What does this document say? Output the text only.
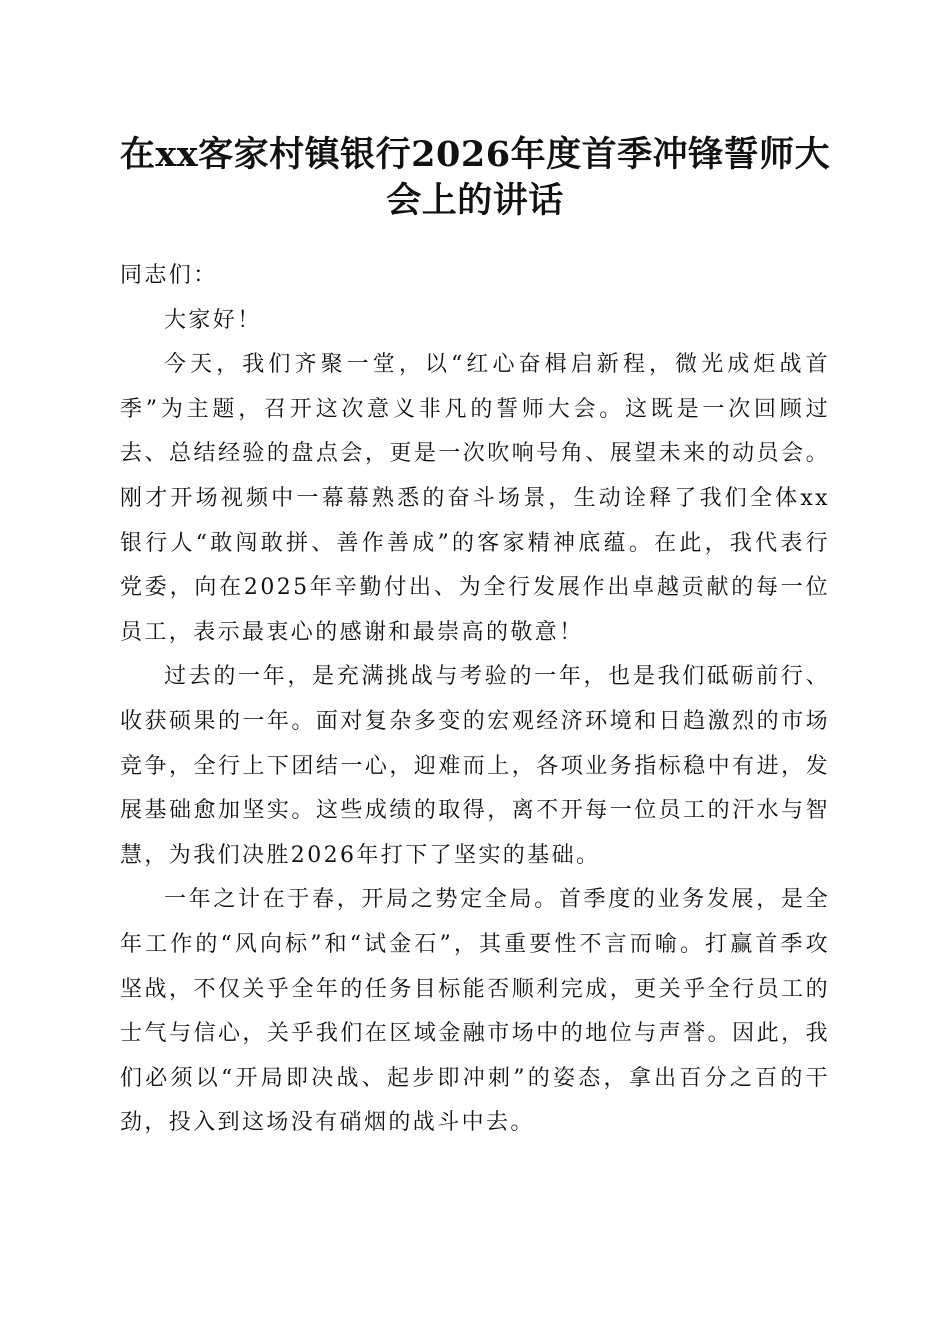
在xx客家村镇银行2026年度首季冲锋誓师大
会上的讲话

同志们：

大家好！

今天，我们齐聚一堂，以“红心奋楫启新程，微光成炬战首季”为主题，召开这次意义非凡的誓师大会。这既是一次回顾过去、总结经验的盘点会，更是一次吹响号角、展望未来的动员会。刚才开场视频中一幕幕熟悉的奋斗场景，生动诠释了我们全体xx银行人“敢闯敢拼、善作善成”的客家精神底蕴。在此，我代表行党委，向在2025年辛勤付出、为全行发展作出卓越贡献的每一位员工，表示最衷心的感谢和最崇高的敬意！

过去的一年，是充满挑战与考验的一年，也是我们砥砺前行、收获硕果的一年。面对复杂多变的宏观经济环境和日趋激烈的市场竞争，全行上下团结一心，迎难而上，各项业务指标稳中有进，发展基础愈加坚实。这些成绩的取得，离不开每一位员工的汗水与智慧，为我们决胜2026年打下了坚实的基础。

一年之计在于春，开局之势定全局。首季度的业务发展，是全年工作的“风向标”和“试金石”，其重要性不言而喻。打赢首季攻坚战，不仅关乎全年的任务目标能否顺利完成，更关乎全行员工的士气与信心，关乎我们在区域金融市场中的地位与声誉。因此，我们必须以“开局即决战、起步即冲刺”的姿态，拿出百分之百的干劲，投入到这场没有硝烟的战斗中去。
